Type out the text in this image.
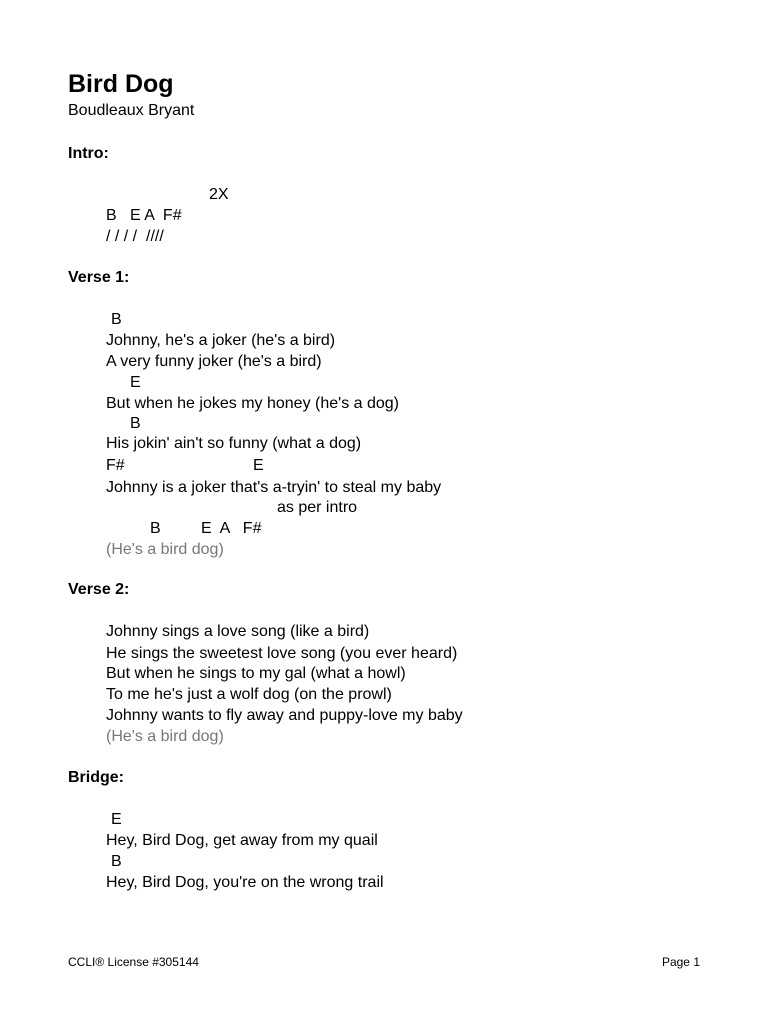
Bird Dog
Boudleaux Bryant
Intro:
2X
B   E A  F#
/ / / /  ////
Verse 1:
B
Johnny, he's a joker (he's a bird)
A very funny joker (he's a bird)
E
But when he jokes my honey (he's a dog)
B
His jokin' ain't so funny (what a dog)
F#	E
Johnny is a joker that's a-tryin' to steal my baby
as per intro
B	E  A   F#
(He's a bird dog)
Verse 2:
Johnny sings a love song (like a bird)
He sings the sweetest love song (you ever heard)
But when he sings to my gal (what a howl)
To me he's just a wolf dog (on the prowl)
Johnny wants to fly away and puppy-love my baby
(He's a bird dog)
Bridge:
E
Hey, Bird Dog, get away from my quail
B
Hey, Bird Dog, you're on the wrong trail
CCLI® License #305144	Page 1
